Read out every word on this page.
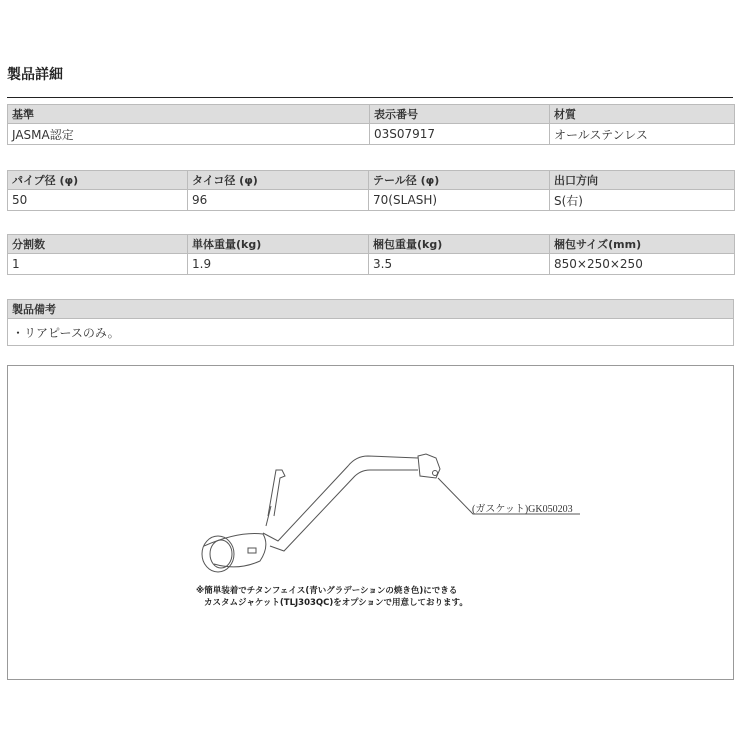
製品詳細
基準	表示番号	材質
JASMA認定	03S07917	オールステンレス
パイプ径 (φ)	タイコ径 (φ)	テール径 (φ)	出口方向
50	96	70(SLASH)	S(右)
分割数	単体重量(kg)	梱包重量(kg)	梱包サイズ(mm)
1	1.9	3.5	850×250×250
製品備考
・リアピースのみ。
(ガスケット)GK050203
※簡単装着でチタンフェイス(青いグラデーションの焼き色)にできる
カスタムジャケット(TLJ303QC)をオプションで用意しております。
